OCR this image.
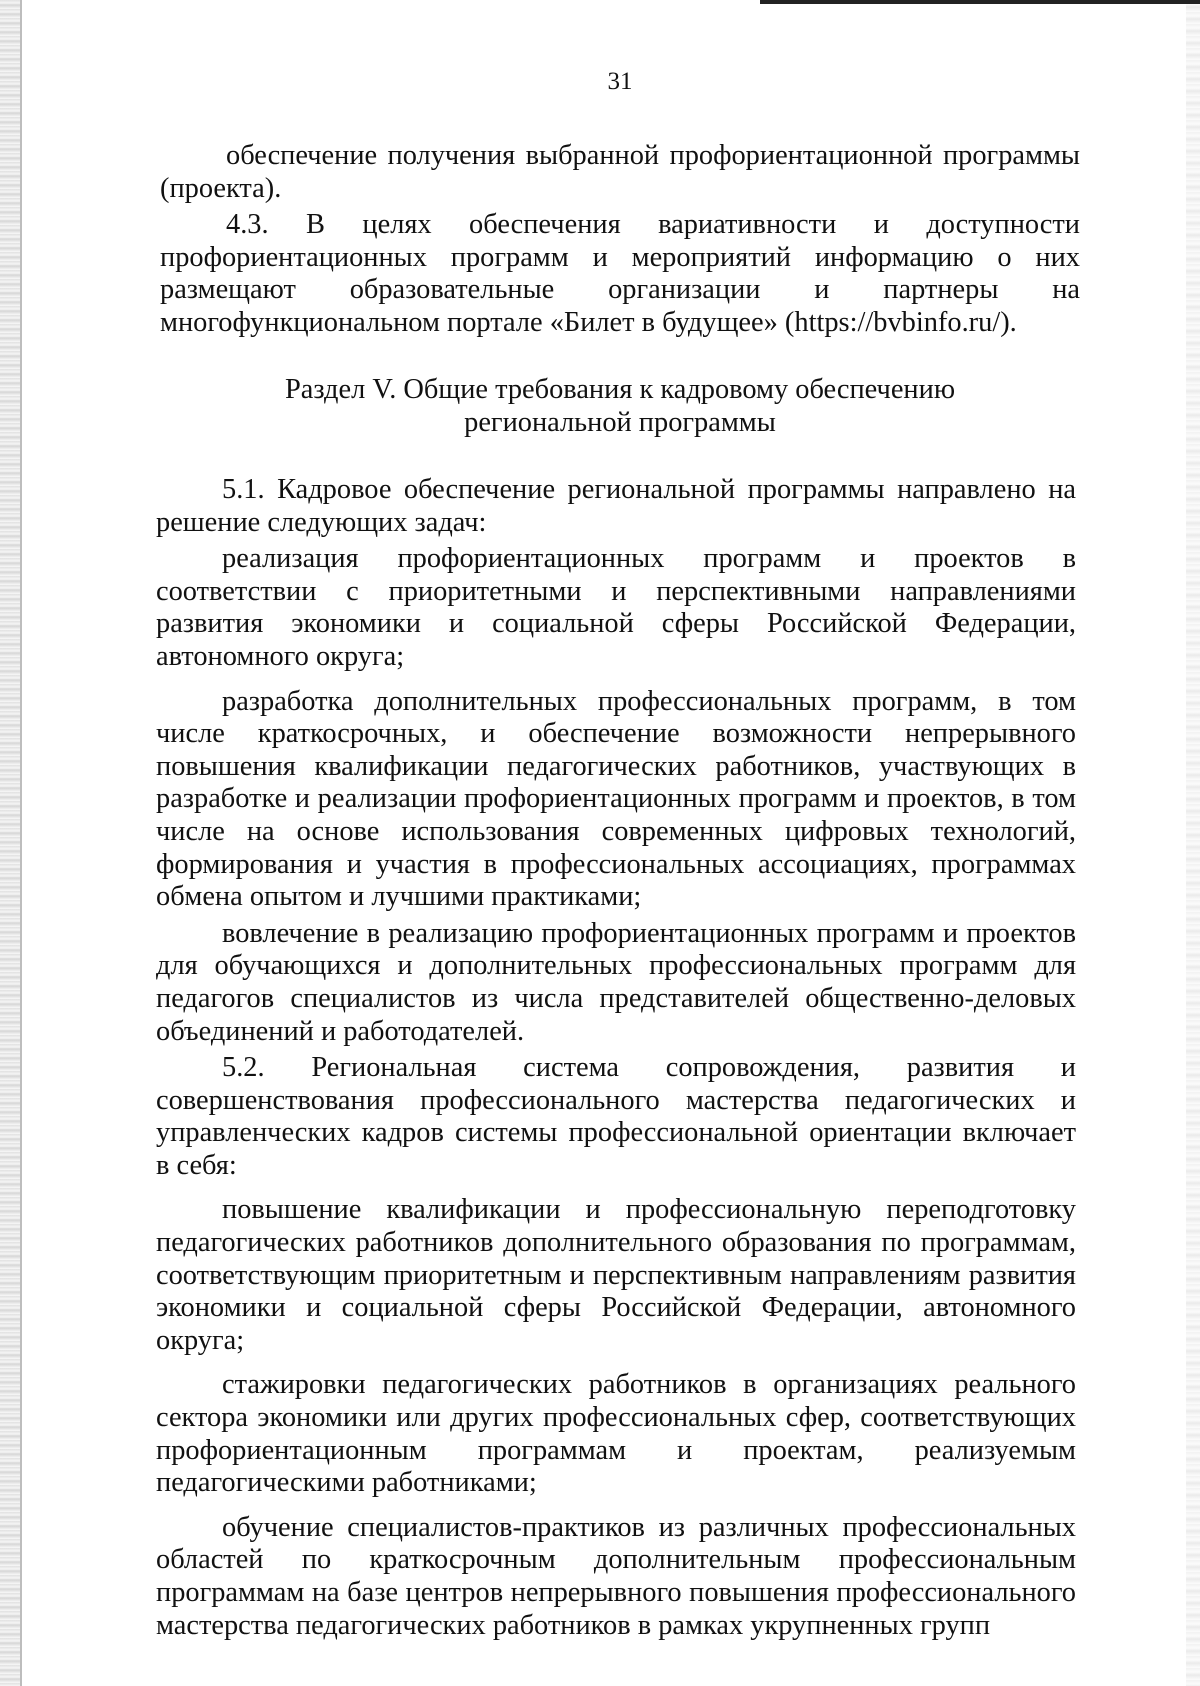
31

обеспечение получения выбранной профориентационной программы (проекта).

4.3. В целях обеспечения вариативности и доступности профориентационных программ и мероприятий информацию о них размещают образовательные организации и партнеры на многофункциональном портале «Билет в будущее» (https://bvbinfo.ru/).

Раздел V. Общие требования к кадровому обеспечению

региональной программы

5.1. Кадровое обеспечение региональной программы направлено на решение следующих задач:

реализация профориентационных программ и проектов в соответствии с приоритетными и перспективными направлениями развития экономики и социальной сферы Российской Федерации, автономного округа;

разработка дополнительных профессиональных программ, в том числе краткосрочных, и обеспечение возможности непрерывного повышения квалификации педагогических работников, участвующих в разработке и реализации профориентационных программ и проектов, в том числе на основе использования современных цифровых технологий, формирования и участия в профессиональных ассоциациях, программах обмена опытом и лучшими практиками;

вовлечение в реализацию профориентационных программ и проектов для обучающихся и дополнительных профессиональных программ для педагогов специалистов из числа представителей общественно-деловых объединений и работодателей.

5.2. Региональная система сопровождения, развития и совершенствования профессионального мастерства педагогических и управленческих кадров системы профессиональной ориентации включает в себя:

повышение квалификации и профессиональную переподготовку педагогических работников дополнительного образования по программам, соответствующим приоритетным и перспективным направлениям развития экономики и социальной сферы Российской Федерации, автономного округа;

стажировки педагогических работников в организациях реального сектора экономики или других профессиональных сфер, соответствующих профориентационным программам и проектам, реализуемым педагогическими работниками;

обучение специалистов-практиков из различных профессиональных областей по краткосрочным дополнительным профессиональным программам на базе центров непрерывного повышения профессионального мастерства педагогических работников в рамках укрупненных групп
